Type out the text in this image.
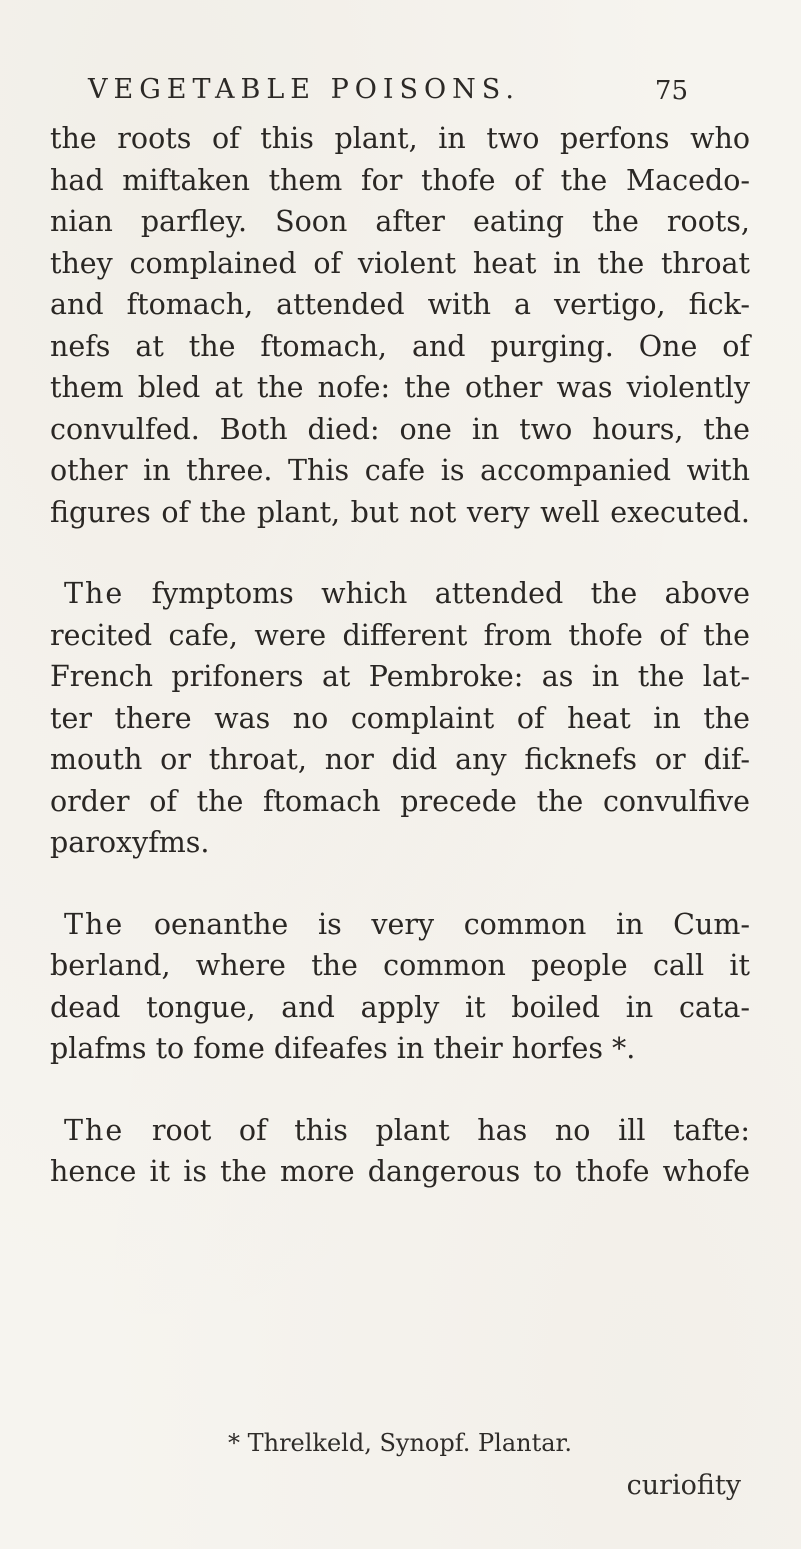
VEGETABLE POISONS.	75
the roots of this plant, in two perfons who
had miftaken them for thofe of the Macedo-
nian parfley. Soon after eating the roots,
they complained of violent heat in the throat
and ftomach, attended with a vertigo, fick-
nefs at the ftomach, and purging. One of
them bled at the nofe: the other was violently
convulfed. Both died: one in two hours, the
other in three. This cafe is accompanied with
figures of the plant, but not very well executed.
The fymptoms which attended the above
recited cafe, were different from thofe of the
French prifoners at Pembroke: as in the lat-
ter there was no complaint of heat in the
mouth or throat, nor did any ficknefs or dif-
order of the ftomach precede the convulfive
paroxyfms.
The oenanthe is very common in Cum-
berland, where the common people call it
dead tongue, and apply it boiled in cata-
plafms to fome difeafes in their horfes *.
The root of this plant has no ill tafte:
hence it is the more dangerous to thofe whofe
* Threlkeld, Synopf. Plantar.
curiofity
